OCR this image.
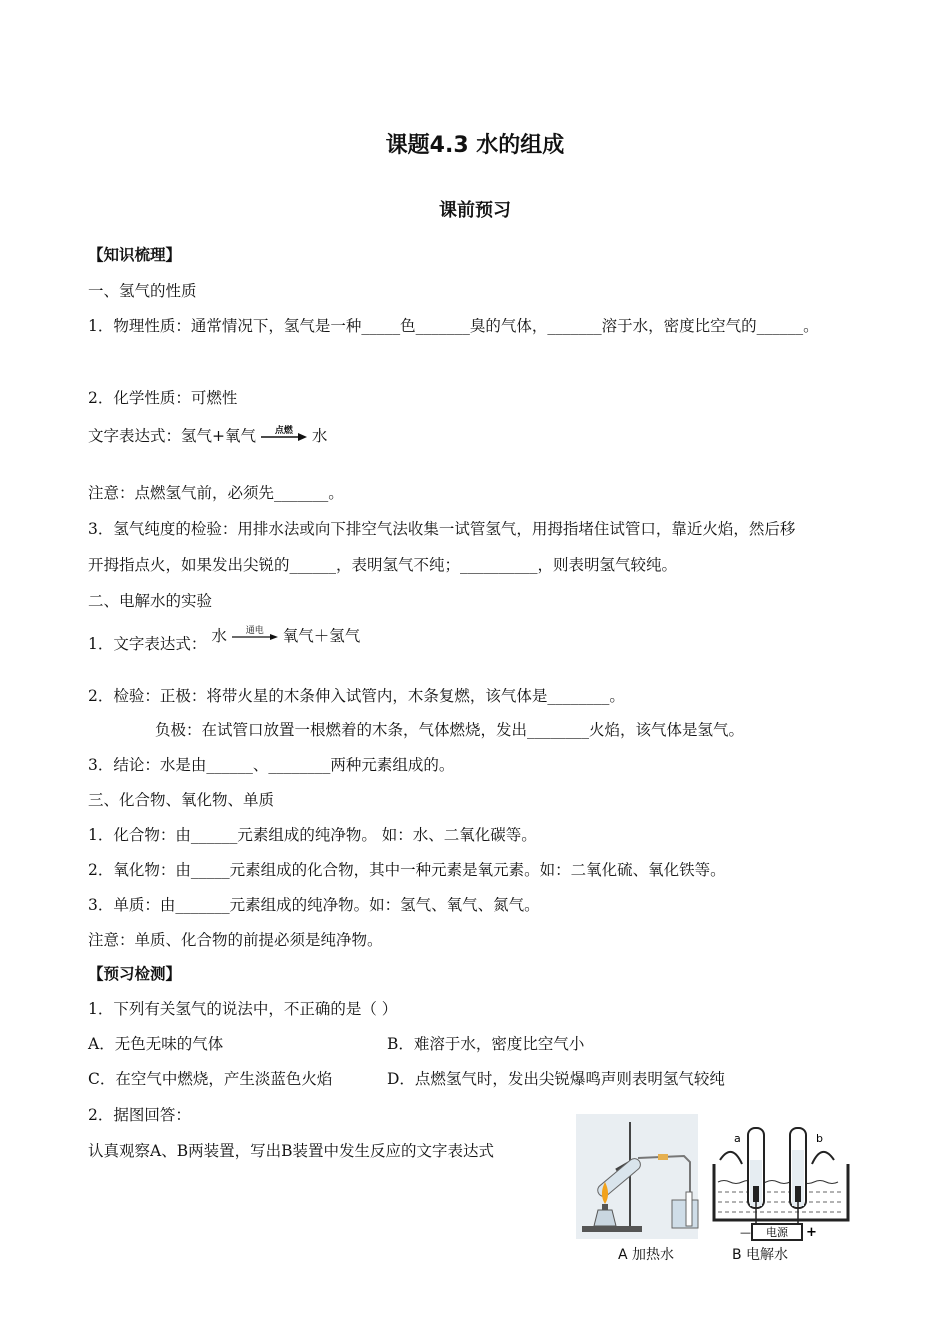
课题4.3 水的组成
课前预习
【知识梳理】
一、氢气的性质
1．物理性质：通常情况下，氢气是一种_____色_______臭的气体，_______溶于水，密度比空气的______。
2．化学性质：可燃性
文字表达式：氢气+氧气	点燃	水
注意：点燃氢气前，必须先_______。
3．氢气纯度的检验：用排水法或向下排空气法收集一试管氢气，用拇指堵住试管口，靠近火焰，然后移
开拇指点火，如果发出尖锐的______，表明氢气不纯；__________，则表明氢气较纯。
二、电解水的实验
1．文字表达式： 水	通电	氧气＋氢气
2．检验：正极：将带火星的木条伸入试管内，木条复燃，该气体是________。
负极：在试管口放置一根燃着的木条，气体燃烧，发出________火焰，该气体是氢气。
3．结论：水是由______、________两种元素组成的。
三、化合物、氧化物、单质
1．化合物：由______元素组成的纯净物。 如：水、二氧化碳等。
2．氧化物：由_____元素组成的化合物，其中一种元素是氧元素。如：二氧化硫、氧化铁等。
3．单质：由_______元素组成的纯净物。如：氢气、氧气、氮气。
注意：单质、化合物的前提必须是纯净物。
【预习检测】
1．下列有关氢气的说法中，不正确的是（ ）
A．无色无味的气体	B．难溶于水，密度比空气小
C．在空气中燃烧，产生淡蓝色火焰	D．点燃氢气时，发出尖锐爆鸣声则表明氢气较纯
2．据图回答：
认真观察A、B两装置，写出B装置中发生反应的文字表达式
a	b
电源
—	+
A 加热水	B 电解水
